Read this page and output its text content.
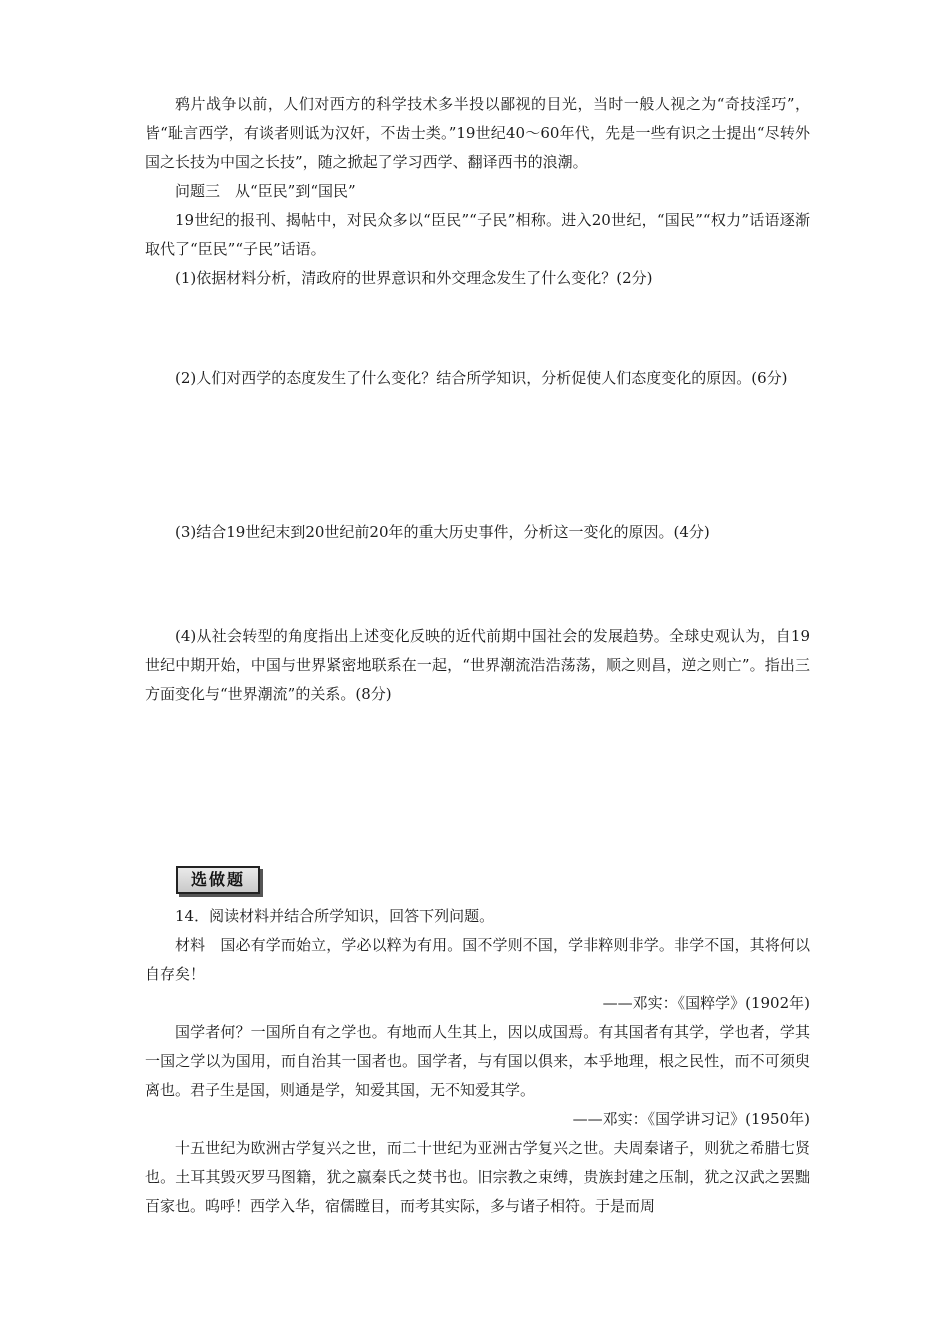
鸦片战争以前，人们对西方的科学技术多半投以鄙视的目光，当时一般人视之为“奇技淫巧”，皆“耻言西学，有谈者则诋为汉奸，不齿士类。”19世纪40～60年代，先是一些有识之士提出“尽转外国之长技为中国之长技”，随之掀起了学习西学、翻译西书的浪潮。

问题三　从“臣民”到“国民”

19世纪的报刊、揭帖中，对民众多以“臣民”“子民”相称。进入20世纪，“国民”“权力”话语逐渐取代了“臣民”“子民”话语。

(1)依据材料分析，清政府的世界意识和外交理念发生了什么变化？(2分)

(2)人们对西学的态度发生了什么变化？结合所学知识，分析促使人们态度变化的原因。(6分)

(3)结合19世纪末到20世纪前20年的重大历史事件，分析这一变化的原因。(4分)

(4)从社会转型的角度指出上述变化反映的近代前期中国社会的发展趋势。全球史观认为，自19世纪中期开始，中国与世界紧密地联系在一起，“世界潮流浩浩荡荡，顺之则昌，逆之则亡”。指出三方面变化与“世界潮流”的关系。(8分)

选做题

14．阅读材料并结合所学知识，回答下列问题。

材料　国必有学而始立，学必以粹为有用。国不学则不国，学非粹则非学。非学不国，其将何以自存矣！

——邓实：《国粹学》(1902年)

国学者何？一国所自有之学也。有地而人生其上，因以成国焉。有其国者有其学，学也者，学其一国之学以为国用，而自治其一国者也。国学者，与有国以俱来，本乎地理，根之民性，而不可须臾离也。君子生是国，则通是学，知爱其国，无不知爱其学。

——邓实：《国学讲习记》(1950年)

十五世纪为欧洲古学复兴之世，而二十世纪为亚洲古学复兴之世。夫周秦诸子，则犹之希腊七贤也。土耳其毁灭罗马图籍，犹之嬴秦氏之焚书也。旧宗教之束缚，贵族封建之压制，犹之汉武之罢黜百家也。呜呼！西学入华，宿儒瞠目，而考其实际，多与诸子相符。于是而周
